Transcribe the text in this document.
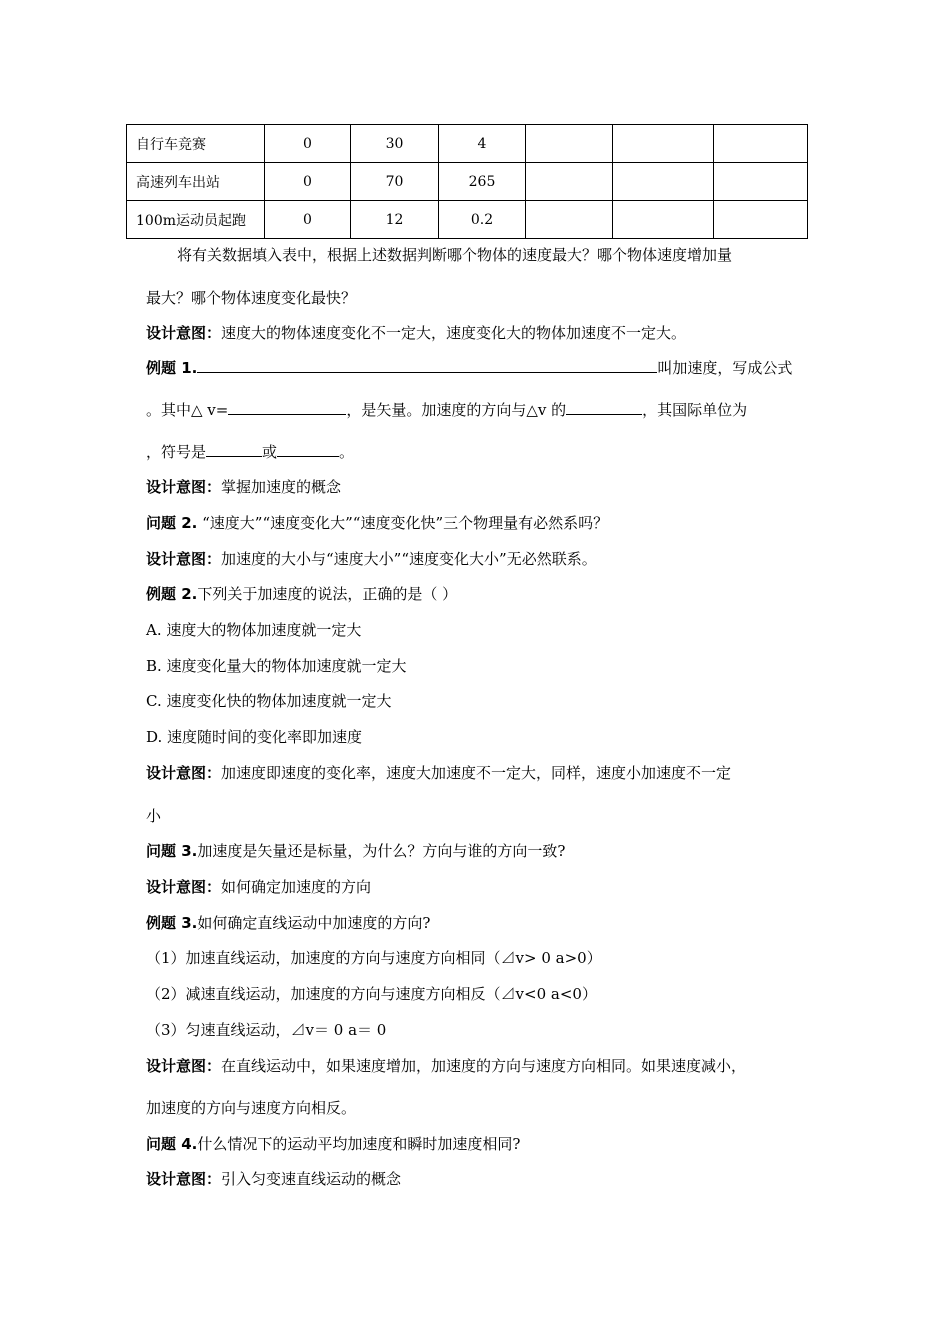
自行车竞赛	0	30	4			
高速列车出站	0	70	265			
100m运动员起跑	0	12	0.2			
将有关数据填入表中，根据上述数据判断哪个物体的速度最大？哪个物体速度增加量
最大？哪个物体速度变化最快？
设计意图：速度大的物体速度变化不一定大，速度变化大的物体加速度不一定大。
例题 1.	叫加速度，写成公式
。其中△ v=	，是矢量。加速度的方向与△v 的	，其国际单位为
，符号是	或	。
设计意图：掌握加速度的概念
问题 2. “速度大”“速度变化大”“速度变化快”三个物理量有必然系吗？
设计意图：加速度的大小与“速度大小”“速度变化大小”无必然联系。
例题 2.下列关于加速度的说法，正确的是（ ）
A. 速度大的物体加速度就一定大
B. 速度变化量大的物体加速度就一定大
C. 速度变化快的物体加速度就一定大
D. 速度随时间的变化率即加速度
设计意图：加速度即速度的变化率，速度大加速度不一定大，同样，速度小加速度不一定
小
问题 3.加速度是矢量还是标量，为什么？方向与谁的方向一致?
设计意图：如何确定加速度的方向
例题 3.如何确定直线运动中加速度的方向?
（1）加速直线运动，加速度的方向与速度方向相同（⊿v> 0 a>0）
（2）减速直线运动，加速度的方向与速度方向相反（⊿v<0 a<0）
（3）匀速直线运动，⊿v＝ 0 a＝ 0
设计意图：在直线运动中，如果速度增加，加速度的方向与速度方向相同。如果速度减小，
加速度的方向与速度方向相反。
问题 4.什么情况下的运动平均加速度和瞬时加速度相同?
设计意图：引入匀变速直线运动的概念
